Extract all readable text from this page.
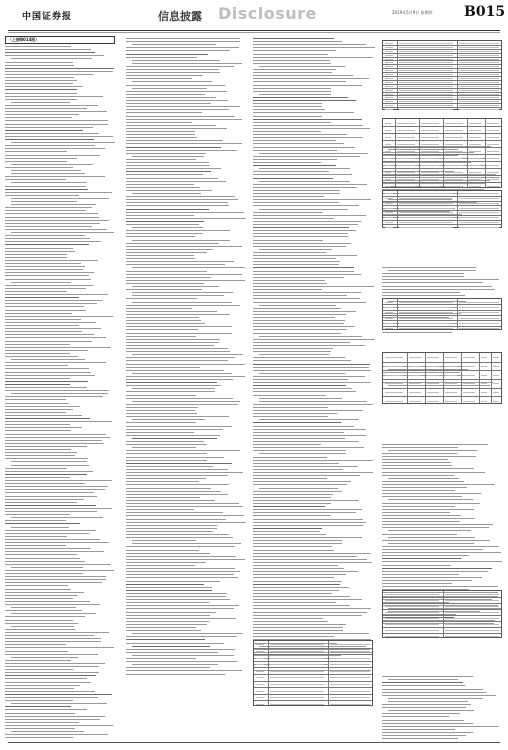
中国证券报	信息披露 Disclosure	2019年5月9日 星期四 B015
（上接B014版）
